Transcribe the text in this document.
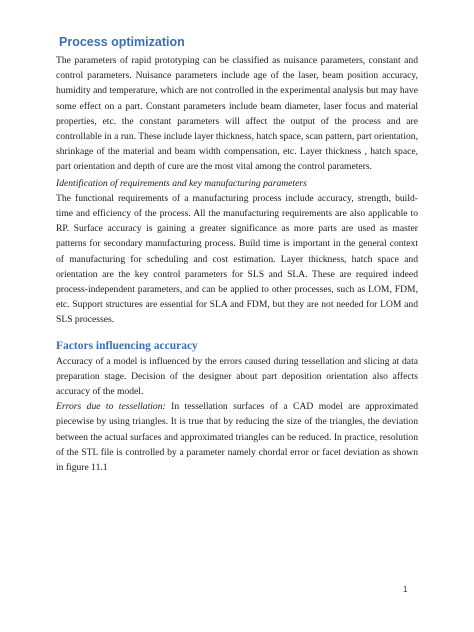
Process optimization

The parameters of rapid prototyping can be classified as nuisance parameters, constant and control parameters. Nuisance parameters include age of the laser, beam position accuracy, humidity and temperature, which are not controlled in the experimental analysis but may have some effect on a part. Constant parameters include beam diameter, laser focus and material properties, etc. the constant parameters will affect the output of the process and are controllable in a run. These include layer thickness, hatch space, scan pattern, part orientation, shrinkage of the material and beam width compensation, etc. Layer thickness , hatch space, part orientation and depth of cure are the most vital among the control parameters.

Identification of requirements and key manufacturing parameters

The functional requirements of a manufacturing process include accuracy, strength, build-time and efficiency of the process. All the manufacturing requirements are also applicable to RP. Surface accuracy is gaining a greater significance as more parts are used as master patterns for secondary manufacturing process. Build time is important in the general context of manufacturing for scheduling and cost estimation. Layer thickness, hatch space and orientation are the key control parameters for SLS and SLA. These are required indeed process-independent parameters, and can be applied to other processes, such as LOM, FDM, etc. Support structures are essential for SLA and FDM, but they are not needed for LOM and SLS processes.

Factors influencing accuracy

Accuracy of a model is influenced by the errors caused during tessellation and slicing at data preparation stage. Decision of the designer about part deposition orientation also affects accuracy of the model.

Errors due to tessellation: In tessellation surfaces of a CAD model are approximated piecewise by using triangles. It is true that by reducing the size of the triangles, the deviation between the actual surfaces and approximated triangles can be reduced. In practice, resolution of the STL file is controlled by a parameter namely chordal error or facet deviation as shown in figure 11.1

1
